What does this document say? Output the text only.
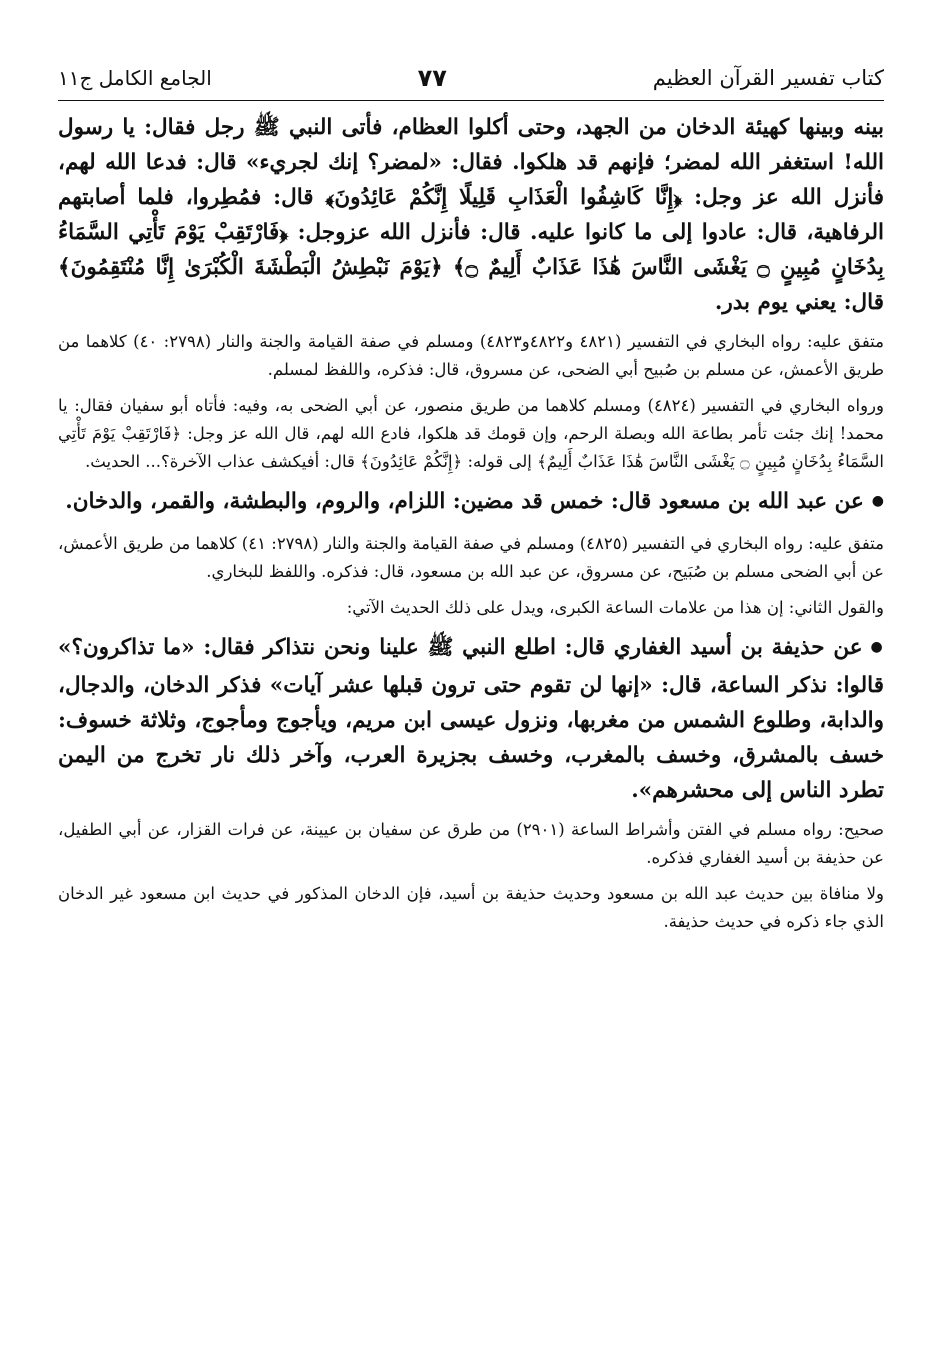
كتاب تفسير القرآن العظيم
٧٧
الجامع الكامل ج١١

بينه وبينها كهيئة الدخان من الجهد، وحتى أكلوا العظام، فأتى النبي ﷺ رجل فقال: يا رسول الله! استغفر الله لمضر؛ فإنهم قد هلكوا. فقال: «لمضر؟ إنك لجريء» قال: فدعا الله لهم، فأنزل الله عز وجل: ﴿إِنَّا كَاشِفُوا الْعَذَابِ قَلِيلًا إِنَّكُمْ عَائِدُونَ﴾ قال: فمُطِروا، فلما أصابتهم الرفاهية، قال: عادوا إلى ما كانوا عليه. قال: فأنزل الله عزوجل: ﴿فَارْتَقِبْ يَوْمَ تَأْتِي السَّمَاءُ بِدُخَانٍ مُبِينٍ ۝ يَغْشَى النَّاسَ هَٰذَا عَذَابٌ أَلِيمٌ ۝﴾ ﴿يَوْمَ نَبْطِشُ الْبَطْشَةَ الْكُبْرَىٰ إِنَّا مُنْتَقِمُونَ﴾ قال: يعني يوم بدر.

متفق عليه: رواه البخاري في التفسير (٤٨٢١ و٤٨٢٢و٤٨٢٣) ومسلم في صفة القيامة والجنة والنار (٢٧٩٨: ٤٠) كلاهما من طريق الأعمش، عن مسلم بن صُبيح أبي الضحى، عن مسروق، قال: فذكره، واللفظ لمسلم.

ورواه البخاري في التفسير (٤٨٢٤) ومسلم كلاهما من طريق منصور، عن أبي الضحى به، وفيه: فأتاه أبو سفيان فقال: يا محمد! إنك جئت تأمر بطاعة الله وبصلة الرحم، وإن قومك قد هلكوا، فادع الله لهم، قال الله عز وجل: ﴿فَارْتَقِبْ يَوْمَ تَأْتِي السَّمَاءُ بِدُخَانٍ مُبِينٍ ۝ يَغْشَى النَّاسَ هَٰذَا عَذَابٌ أَلِيمٌ﴾ إلى قوله: ﴿إِنَّكُمْ عَائِدُونَ﴾ قال: أفيكشف عذاب الآخرة؟... الحديث.

● عن عبد الله بن مسعود قال: خمس قد مضين: اللزام، والروم، والبطشة، والقمر، والدخان.

متفق عليه: رواه البخاري في التفسير (٤٨٢٥) ومسلم في صفة القيامة والجنة والنار (٢٧٩٨: ٤١) كلاهما من طريق الأعمش، عن أبي الضحى مسلم بن صُبَيح، عن مسروق، عن عبد الله بن مسعود، قال: فذكره. واللفظ للبخاري.

والقول الثاني: إن هذا من علامات الساعة الكبرى، ويدل على ذلك الحديث الآتي:

● عن حذيفة بن أسيد الغفاري قال: اطلع النبي ﷺ علينا ونحن نتذاكر فقال: «ما تذاكرون؟» قالوا: نذكر الساعة، قال: «إنها لن تقوم حتى ترون قبلها عشر آيات» فذكر الدخان، والدجال، والدابة، وطلوع الشمس من مغربها، ونزول عيسى ابن مريم، ويأجوج ومأجوج، وثلاثة خسوف: خسف بالمشرق، وخسف بالمغرب، وخسف بجزيرة العرب، وآخر ذلك نار تخرج من اليمن تطرد الناس إلى محشرهم».

صحيح: رواه مسلم في الفتن وأشراط الساعة (٢٩٠١) من طرق عن سفيان بن عيينة، عن فرات القزار، عن أبي الطفيل، عن حذيفة بن أسيد الغفاري فذكره.

ولا منافاة بين حديث عبد الله بن مسعود وحديث حذيفة بن أسيد، فإن الدخان المذكور في حديث ابن مسعود غير الدخان الذي جاء ذكره في حديث حذيفة.
